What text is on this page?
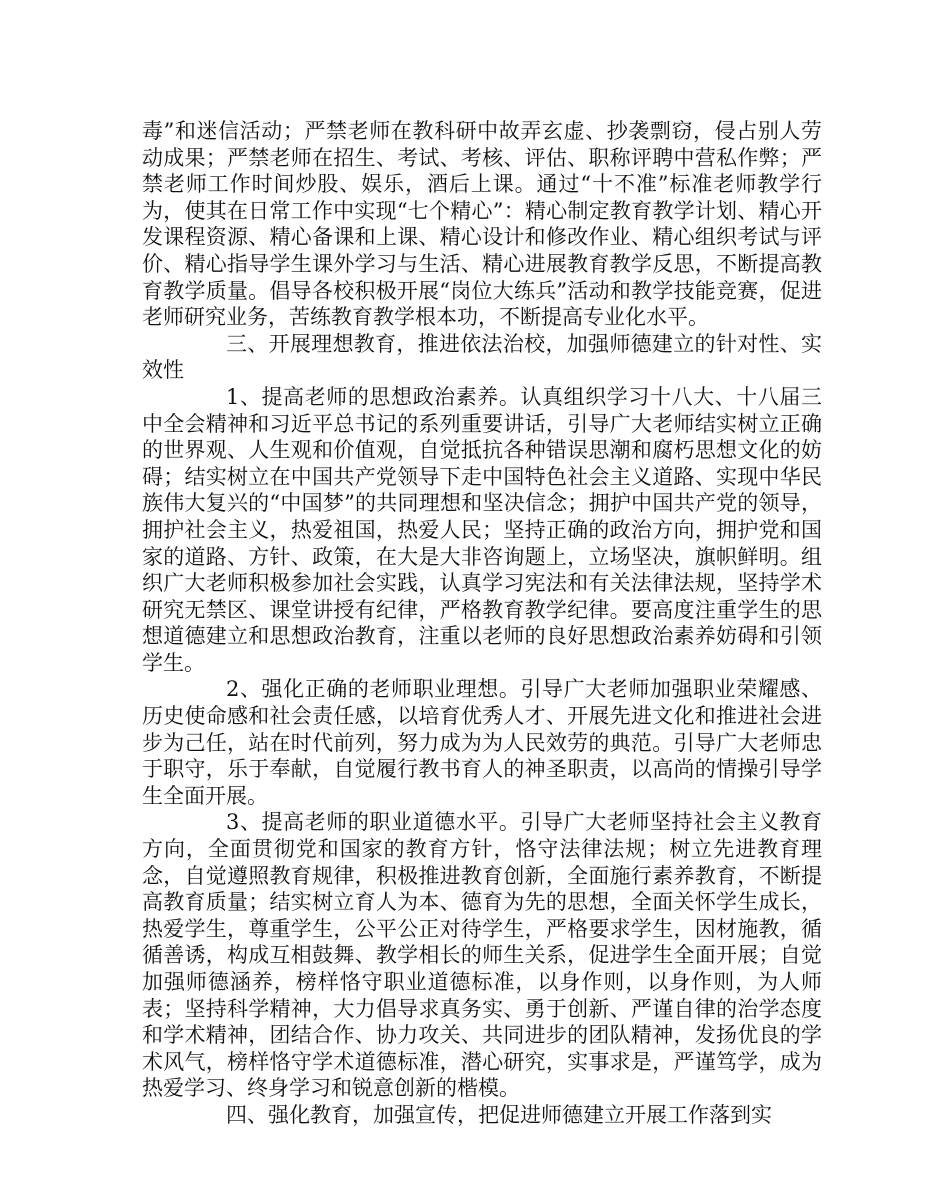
毒”和迷信活动；严禁老师在教科研中故弄玄虚、抄袭剽窃，侵占别人劳动成果；严禁老师在招生、考试、考核、评估、职称评聘中营私作弊；严禁老师工作时间炒股、娱乐，酒后上课。通过“十不准”标准老师教学行为，使其在日常工作中实现“七个精心”：精心制定教育教学计划、精心开发课程资源、精心备课和上课、精心设计和修改作业、精心组织考试与评价、精心指导学生课外学习与生活、精心进展教育教学反思，不断提高教育教学质量。倡导各校积极开展“岗位大练兵”活动和教学技能竞赛，促进老师研究业务，苦练教育教学根本功，不断提高专业化水平。

三、开展理想教育，推进依法治校，加强师德建立的针对性、实效性

1、提高老师的思想政治素养。认真组织学习十八大、十八届三中全会精神和习近平总书记的系列重要讲话，引导广大老师结实树立正确的世界观、人生观和价值观，自觉抵抗各种错误思潮和腐朽思想文化的妨碍；结实树立在中国共产党领导下走中国特色社会主义道路、实现中华民族伟大复兴的“中国梦”的共同理想和坚决信念；拥护中国共产党的领导，拥护社会主义，热爱祖国，热爱人民；坚持正确的政治方向，拥护党和国家的道路、方针、政策，在大是大非咨询题上，立场坚决，旗帜鲜明。组织广大老师积极参加社会实践，认真学习宪法和有关法律法规，坚持学术研究无禁区、课堂讲授有纪律，严格教育教学纪律。要高度注重学生的思想道德建立和思想政治教育，注重以老师的良好思想政治素养妨碍和引领学生。

2、强化正确的老师职业理想。引导广大老师加强职业荣耀感、历史使命感和社会责任感，以培育优秀人才、开展先进文化和推进社会进步为己任，站在时代前列，努力成为为人民效劳的典范。引导广大老师忠于职守，乐于奉献，自觉履行教书育人的神圣职责，以高尚的情操引导学生全面开展。

3、提高老师的职业道德水平。引导广大老师坚持社会主义教育方向，全面贯彻党和国家的教育方针，恪守法律法规；树立先进教育理念，自觉遵照教育规律，积极推进教育创新，全面施行素养教育，不断提高教育质量；结实树立育人为本、德育为先的思想，全面关怀学生成长，热爱学生，尊重学生，公平公正对待学生，严格要求学生，因材施教，循循善诱，构成互相鼓舞、教学相长的师生关系，促进学生全面开展；自觉加强师德涵养，榜样恪守职业道德标准，以身作则，以身作则，为人师表；坚持科学精神，大力倡导求真务实、勇于创新、严谨自律的治学态度和学术精神，团结合作、协力攻关、共同进步的团队精神，发扬优良的学术风气，榜样恪守学术道德标准，潜心研究，实事求是，严谨笃学，成为热爱学习、终身学习和锐意创新的楷模。

四、强化教育，加强宣传，把促进师德建立开展工作落到实
